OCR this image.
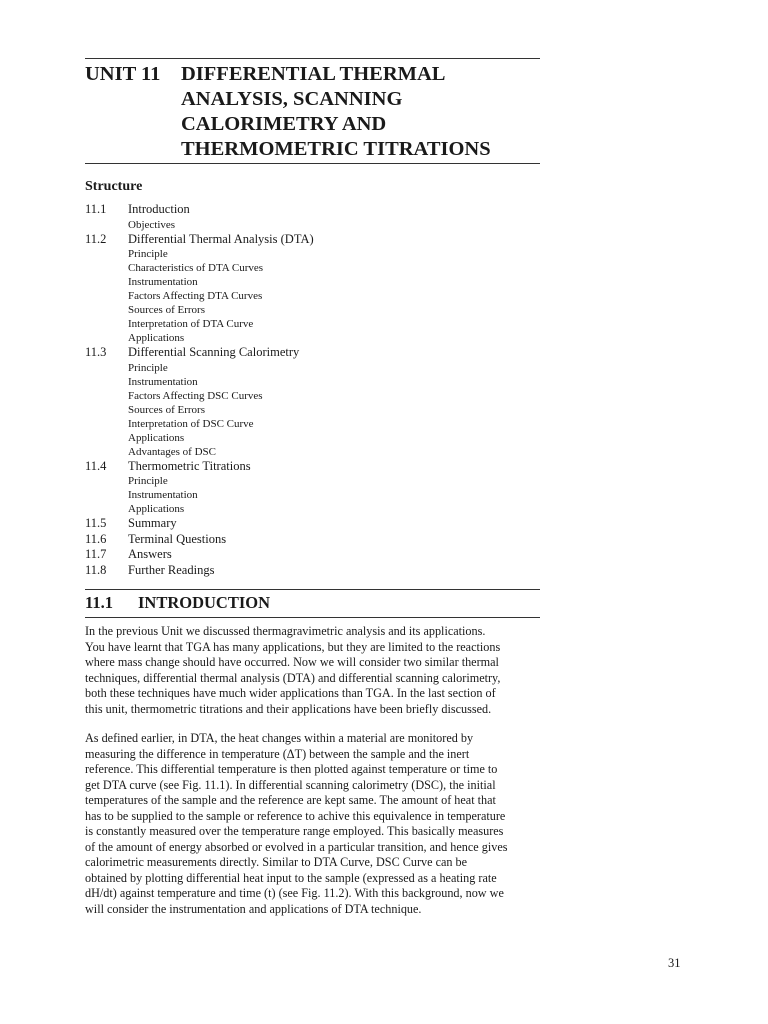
UNIT 11 DIFFERENTIAL THERMAL
ANALYSIS, SCANNING
CALORIMETRY AND
THERMOMETRIC TITRATIONS
Structure
11.1 Introduction
Objectives
11.2 Differential Thermal Analysis (DTA)
Principle
Characteristics of DTA Curves
Instrumentation
Factors Affecting DTA Curves
Sources of Errors
Interpretation of DTA Curve
Applications
11.3 Differential Scanning Calorimetry
Principle
Instrumentation
Factors Affecting DSC Curves
Sources of Errors
Interpretation of DSC Curve
Applications
Advantages of DSC
11.4 Thermometric Titrations
Principle
Instrumentation
Applications
11.5 Summary
11.6 Terminal Questions
11.7 Answers
11.8 Further Readings
11.1 INTRODUCTION
In the previous Unit we discussed thermagravimetric analysis and its applications.
You have learnt that TGA has many applications, but they are limited to the reactions
where mass change should have occurred. Now we will consider two similar thermal
techniques, differential thermal analysis (DTA) and differential scanning calorimetry,
both these techniques have much wider applications than TGA. In the last section of
this unit, thermometric titrations and their applications have been briefly discussed.
As defined earlier, in DTA, the heat changes within a material are monitored by
measuring the difference in temperature (ΔT) between the sample and the inert
reference. This differential temperature is then plotted against temperature or time to
get DTA curve (see Fig. 11.1). In differential scanning calorimetry (DSC), the initial
temperatures of the sample and the reference are kept same. The amount of heat that
has to be supplied to the sample or reference to achive this equivalence in temperature
is constantly measured over the temperature range employed. This basically measures
of the amount of energy absorbed or evolved in a particular transition, and hence gives
calorimetric measurements directly. Similar to DTA Curve, DSC Curve can be
obtained by plotting differential heat input to the sample (expressed as a heating rate
dH/dt) against temperature and time (t) (see Fig. 11.2). With this background, now we
will consider the instrumentation and applications of DTA technique.
31
